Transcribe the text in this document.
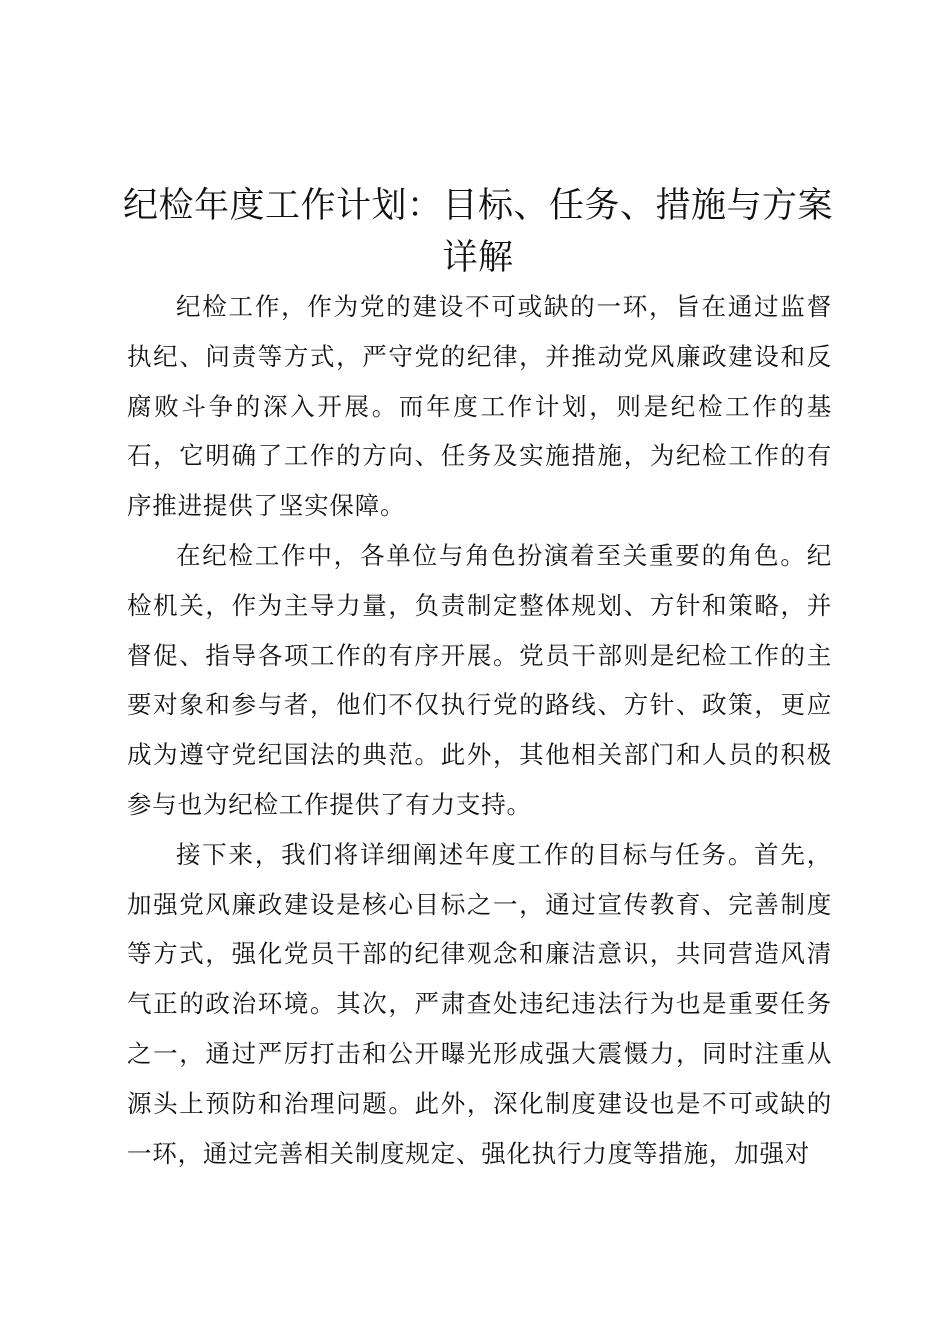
纪检年度工作计划：目标、任务、措施与方案详解

纪检工作，作为党的建设不可或缺的一环，旨在通过监督执纪、问责等方式，严守党的纪律，并推动党风廉政建设和反腐败斗争的深入开展。而年度工作计划，则是纪检工作的基石，它明确了工作的方向、任务及实施措施，为纪检工作的有序推进提供了坚实保障。

在纪检工作中，各单位与角色扮演着至关重要的角色。纪检机关，作为主导力量，负责制定整体规划、方针和策略，并督促、指导各项工作的有序开展。党员干部则是纪检工作的主要对象和参与者，他们不仅执行党的路线、方针、政策，更应成为遵守党纪国法的典范。此外，其他相关部门和人员的积极参与也为纪检工作提供了有力支持。

接下来，我们将详细阐述年度工作的目标与任务。首先，加强党风廉政建设是核心目标之一，通过宣传教育、完善制度等方式，强化党员干部的纪律观念和廉洁意识，共同营造风清气正的政治环境。其次，严肃查处违纪违法行为也是重要任务之一，通过严厉打击和公开曝光形成强大震慑力，同时注重从源头上预防和治理问题。此外，深化制度建设也是不可或缺的一环，通过完善相关制度规定、强化执行力度等措施，加强对
